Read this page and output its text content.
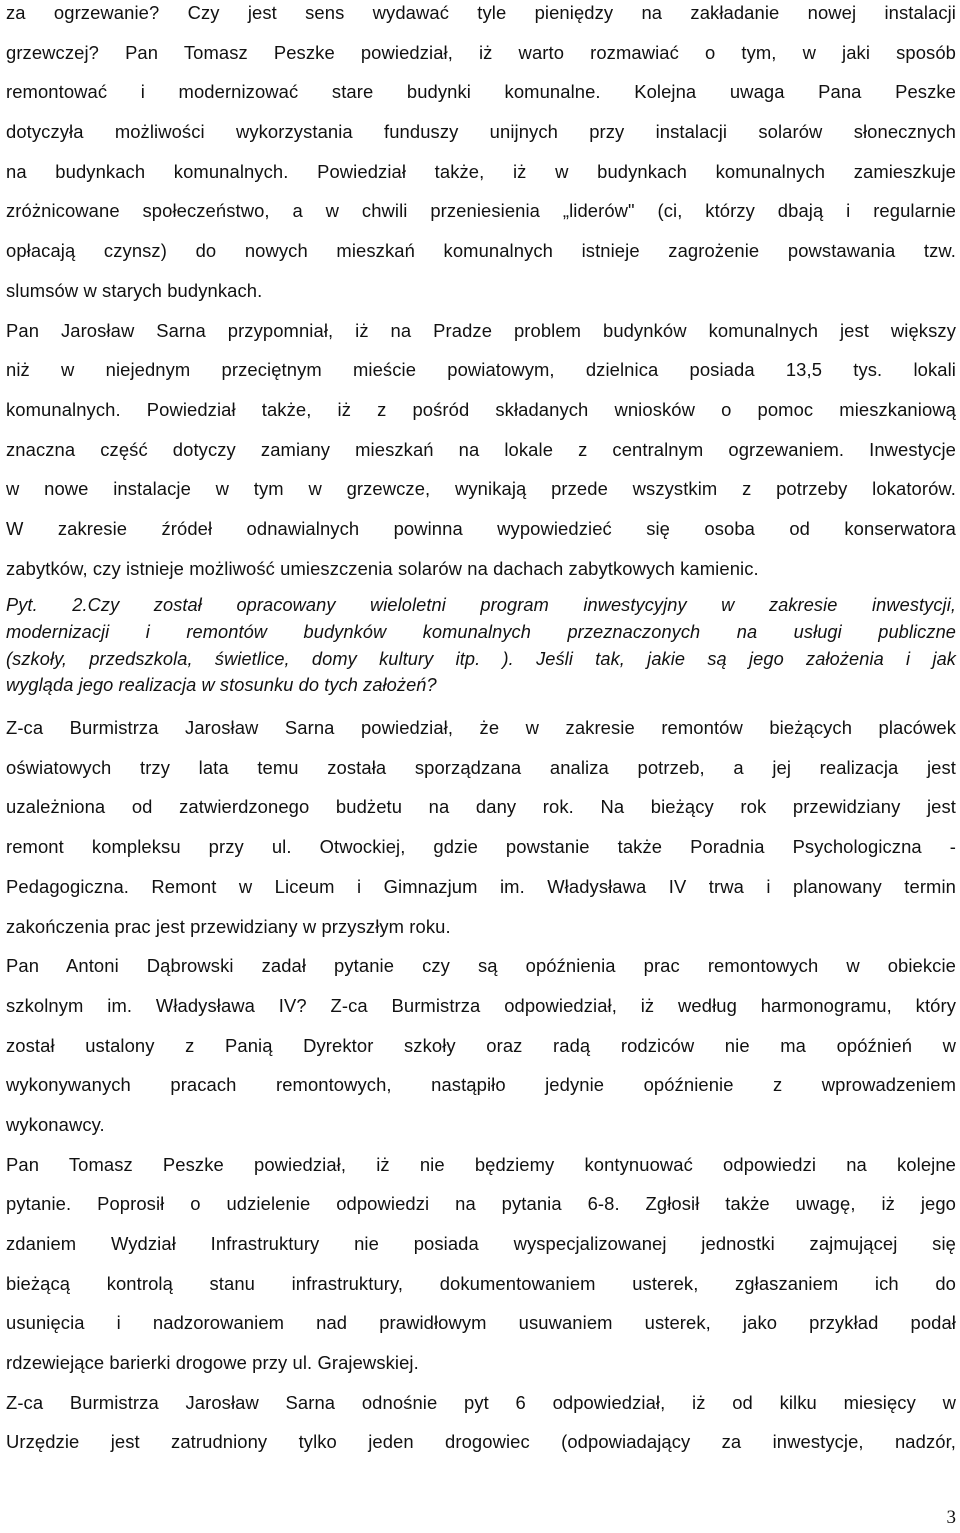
za ogrzewanie? Czy jest sens wydawać tyle pieniędzy na zakładanie nowej instalacji
grzewczej? Pan Tomasz Peszke powiedział, iż warto rozmawiać o tym, w jaki sposób
remontować i modernizować stare budynki komunalne. Kolejna uwaga Pana Peszke
dotyczyła możliwości wykorzystania funduszy unijnych przy instalacji solarów słonecznych
na budynkach komunalnych. Powiedział także, iż w budynkach komunalnych zamieszkuje
zróżnicowane społeczeństwo, a w chwili przeniesienia „liderów" (ci, którzy dbają i regularnie
opłacają czynsz) do nowych mieszkań komunalnych istnieje zagrożenie powstawania tzw.
slumsów w starych budynkach.
Pan Jarosław Sarna przypomniał, iż na Pradze problem budynków komunalnych jest większy
niż w niejednym przeciętnym mieście powiatowym, dzielnica posiada 13,5 tys. lokali
komunalnych. Powiedział także, iż z pośród składanych wniosków o pomoc mieszkaniową
znaczna część dotyczy zamiany mieszkań na lokale z centralnym ogrzewaniem. Inwestycje
w nowe instalacje w tym w grzewcze, wynikają przede wszystkim z potrzeby lokatorów.
W zakresie źródeł odnawialnych powinna wypowiedzieć się osoba od konserwatora
zabytków, czy istnieje możliwość umieszczenia solarów na dachach zabytkowych kamienic.
Pyt. 2.Czy został opracowany wieloletni program inwestycyjny w zakresie inwestycji,
modernizacji i remontów budynków komunalnych przeznaczonych na usługi publiczne
(szkoły, przedszkola, świetlice, domy kultury itp. ). Jeśli tak, jakie są jego założenia i jak
wygląda jego realizacja w stosunku do tych założeń?
Z-ca Burmistrza Jarosław Sarna powiedział, że w zakresie remontów bieżących placówek
oświatowych trzy lata temu została sporządzana analiza potrzeb, a jej realizacja jest
uzależniona od zatwierdzonego budżetu na dany rok. Na bieżący rok przewidziany jest
remont kompleksu przy ul. Otwockiej, gdzie powstanie także Poradnia Psychologiczna -
Pedagogiczna. Remont w Liceum i Gimnazjum im. Władysława IV trwa i planowany termin
zakończenia prac jest przewidziany w przyszłym roku.
Pan Antoni Dąbrowski zadał pytanie czy są opóźnienia prac remontowych w obiekcie
szkolnym im. Władysława IV? Z-ca Burmistrza odpowiedział, iż według harmonogramu, który
został ustalony z Panią Dyrektor szkoły oraz radą rodziców nie ma opóźnień w
wykonywanych pracach remontowych, nastąpiło jedynie opóźnienie z wprowadzeniem
wykonawcy.
Pan Tomasz Peszke powiedział, iż nie będziemy kontynuować odpowiedzi na kolejne
pytanie. Poprosił o udzielenie odpowiedzi na pytania 6-8. Zgłosił także uwagę, iż jego
zdaniem Wydział Infrastruktury nie posiada wyspecjalizowanej jednostki zajmującej się
bieżącą kontrolą stanu infrastruktury, dokumentowaniem usterek, zgłaszaniem ich do
usunięcia i nadzorowaniem nad prawidłowym usuwaniem usterek, jako przykład podał
rdzewiejące barierki drogowe przy ul. Grajewskiej.
Z-ca Burmistrza Jarosław Sarna odnośnie pyt 6 odpowiedział, iż od kilku miesięcy w
Urzędzie jest zatrudniony tylko jeden drogowiec (odpowiadający za inwestycje, nadzór,
3
